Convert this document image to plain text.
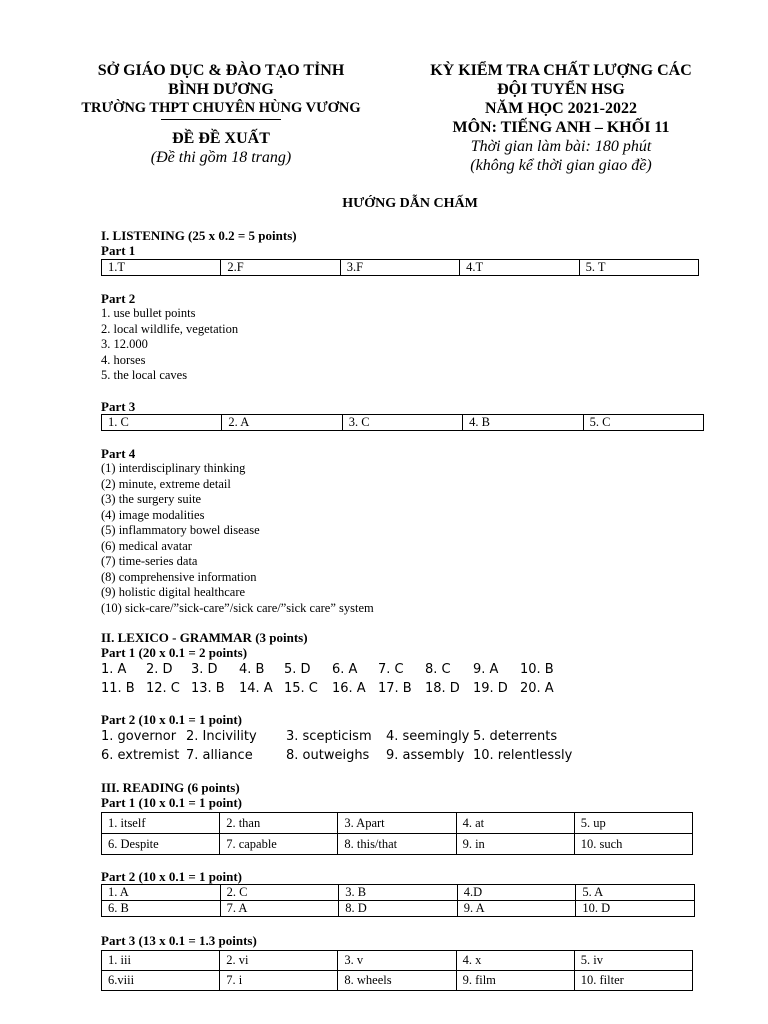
SỞ GIÁO DỤC & ĐÀO TẠO TỈNH
BÌNH DƯƠNG
TRƯỜNG THPT CHUYÊN HÙNG VƯƠNG
ĐỀ ĐỀ XUẤT
(Đề thi gồm 18 trang)
KỲ KIỂM TRA CHẤT LƯỢNG CÁC
ĐỘI TUYỂN HSG
NĂM HỌC 2021-2022
MÔN: TIẾNG ANH – KHỐI 11
Thời gian làm bài: 180 phút
(không kể thời gian giao đề)
HƯỚNG DẪN CHẤM
I. LISTENING (25 x 0.2 = 5 points)
Part 1
1.T	2.F	3.F	4.T	5. T
Part 2
1. use bullet points
2. local wildlife, vegetation
3. 12.000
4. horses
5. the local caves
Part 3
1. C	2. A	3. C	4. B	5. C
Part 4
(1) interdisciplinary thinking
(2) minute, extreme detail
(3) the surgery suite
(4) image modalities
(5) inflammatory bowel disease
(6) medical avatar
(7) time-series data
(8) comprehensive information
(9) holistic digital healthcare
(10) sick-care/”sick-care”/sick care/”sick care” system
II. LEXICO - GRAMMAR (3 points)
Part 1 (20 x 0.1 = 2 points)
1. A	2. D	3. D	4. B	5. D	6. A	7. C	8. C	9. A	10. B
11. B 12. C 13. B	14. A 15. C	16. A 17. B	18. D	19. D 20. A
Part 2 (10 x 0.1 = 1 point)
1. governor 2. Incivility	3. scepticism	4. seemingly 5. deterrents
6. extremist 7. alliance	8. outweighs	9. assembly 10. relentlessly
III. READING (6 points)
Part 1 (10 x 0.1 = 1 point)
1. itself	2. than	3. Apart	4. at	5. up
6. Despite	7. capable	8. this/that	9. in	10. such
Part 2 (10 x 0.1 = 1 point)
1. A	2. C	3. B	4.D	5. A
6. B	7. A	8. D	9. A	10. D
Part 3 (13 x 0.1 = 1.3 points)
1. iii	2. vi	3. v	4. x	5. iv
6.viii	7. i	8. wheels	9. film	10. filter
